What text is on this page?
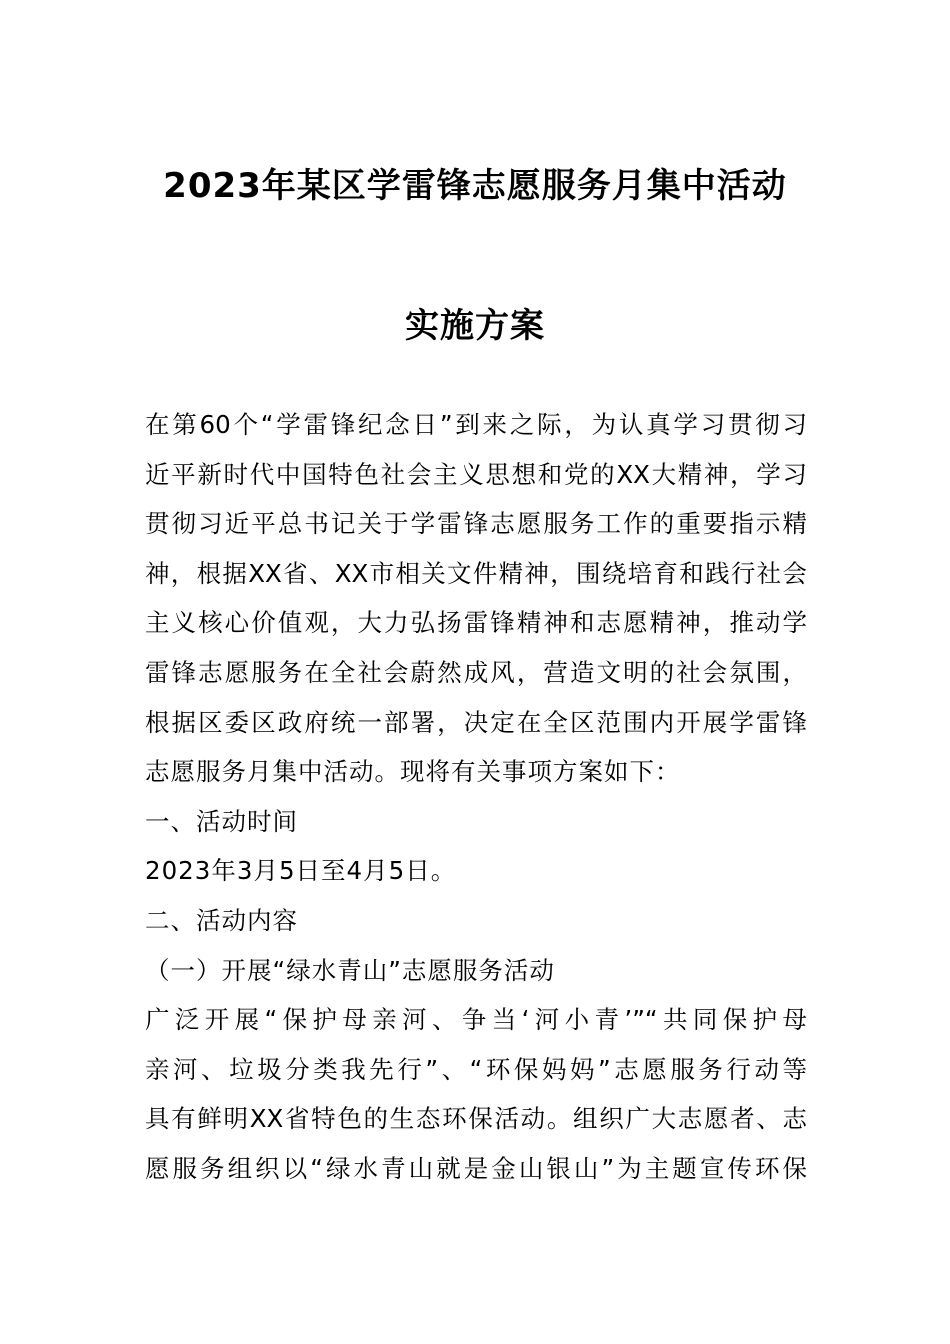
2023年某区学雷锋志愿服务月集中活动
实施方案
在第60个“学雷锋纪念日”到来之际，为认真学习贯彻习
近平新时代中国特色社会主义思想和党的XX大精神，学习
贯彻习近平总书记关于学雷锋志愿服务工作的重要指示精
神，根据XX省、XX市相关文件精神，围绕培育和践行社会
主义核心价值观，大力弘扬雷锋精神和志愿精神，推动学
雷锋志愿服务在全社会蔚然成风，营造文明的社会氛围，
根据区委区政府统一部署，决定在全区范围内开展学雷锋
志愿服务月集中活动。现将有关事项方案如下：
一、活动时间
2023年3月5日至4月5日。
二、活动内容
（一）开展“绿水青山”志愿服务活动
广泛开展“保护母亲河、争当‘河小青’”“共同保护母
亲河、垃圾分类我先行”、“环保妈妈”志愿服务行动等
具有鲜明XX省特色的生态环保活动。组织广大志愿者、志
愿服务组织以“绿水青山就是金山银山”为主题宣传环保
